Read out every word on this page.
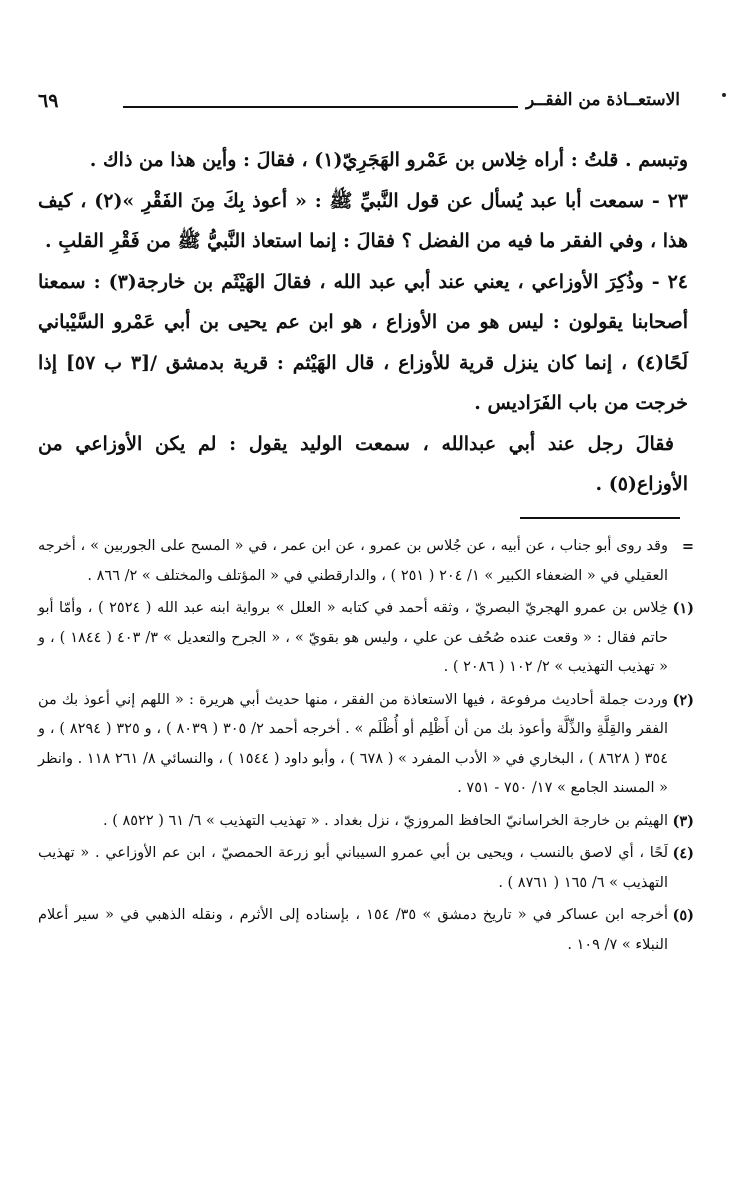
الاستعــاذة من الفقــر
٦٩

وتبسم . قلتُ : أراه خِلاس بن عَمْرو الهَجَرِيّ(١) ، فقالَ : وأين هذا من ذاك .

٢٣ - سمعت أبا عبد يُسأل عن قول النَّبيِّ ﷺ : « أعوذ بِكَ مِنَ الفَقْرِ »(٢) ، كيف هذا ، وفي الفقر ما فيه من الفضل ؟ فقالَ : إنما استعاذ النَّبيُّ ﷺ من فَقْرِ القلبِ .

٢٤ - وذُكِرَ الأوزاعي ، يعني عند أبي عبد الله ، فقالَ الهَيْثَم بن خارجة(٣) : سمعنا أصحابنا يقولون : ليس هو من الأوزاع ، هو ابن عم يحيى بن أبي عَمْرو السَّيْباني لَحًا(٤) ، إنما كان ينزل قرية للأوزاع ، قال الهَيْثم : قرية بدمشق /[٣ ب ٥٧] إذا خرجت من باب الفَرَاديس .

فقالَ رجل عند أبي عبدالله ، سمعت الوليد يقول : لم يكن الأوزاعي من الأوزاع(٥) .

=
وقد روى أبو جناب ، عن أبيه ، عن جُلاس بن عمرو ، عن ابن عمر ، في « المسح على الجوربين » ، أخرجه العقيلي في « الضعفاء الكبير » ١/ ٢٠٤ ( ٢٥١ ) ، والدارقطني في « المؤتلف والمختلف » ٢/ ٨٦٦ .

(١)
خِلاس بن عمرو الهجريّ البصريّ ، وثقه أحمد في كتابه « العلل » برواية ابنه عبد الله ( ٢٥٢٤ ) ، وأمّا أبو حاتم فقال : « وقعت عنده صُحُف عن علي ، وليس هو بقويّ » ، « الجرح والتعديل » ٣/ ٤٠٣ ( ١٨٤٤ ) ، و « تهذيب التهذيب » ٢/ ١٠٢ ( ٢٠٨٦ ) .

(٢)
وردت جملة أحاديث مرفوعة ، فيها الاستعاذة من الفقر ، منها حديث أبي هريرة : « اللهم إني أعوذ بك من الفقر والقِلَّةِ والذِّلَّة وأعوذ بك من أن أَظْلِم أو أُظْلَم » . أخرجه أحمد ٢/ ٣٠٥ ( ٨٠٣٩ ) ، و ٣٢٥ ( ٨٢٩٤ ) ، و ٣٥٤ ( ٨٦٢٨ ) ، البخاري في « الأدب المفرد » ( ٦٧٨ ) ، وأبو داود ( ١٥٤٤ ) ، والنسائي ٨/ ٢٦١ ١١٨ . وانظر « المسند الجامع » ١٧/ ٧٥٠ - ٧٥١ .

(٣)
الهيثم بن خارجة الخراسانيّ الحافظ المروزيّ ، نزل بغداد . « تهذيب التهذيب » ٦/ ٦١ ( ٨٥٢٢ ) .

(٤)
لَحًا ، أي لاصق بالنسب ، ويحيى بن أبي عمرو السيباني أبو زرعة الحمصيّ ، ابن عم الأوزاعي . « تهذيب التهذيب » ٦/ ١٦٥ ( ٨٧٦١ ) .

(٥)
أخرجه ابن عساكر في « تاريخ دمشق » ٣٥/ ١٥٤ ، بإسناده إلى الأثرم ، ونقله الذهبي في « سير أعلام النبلاء » ٧/ ١٠٩ .
